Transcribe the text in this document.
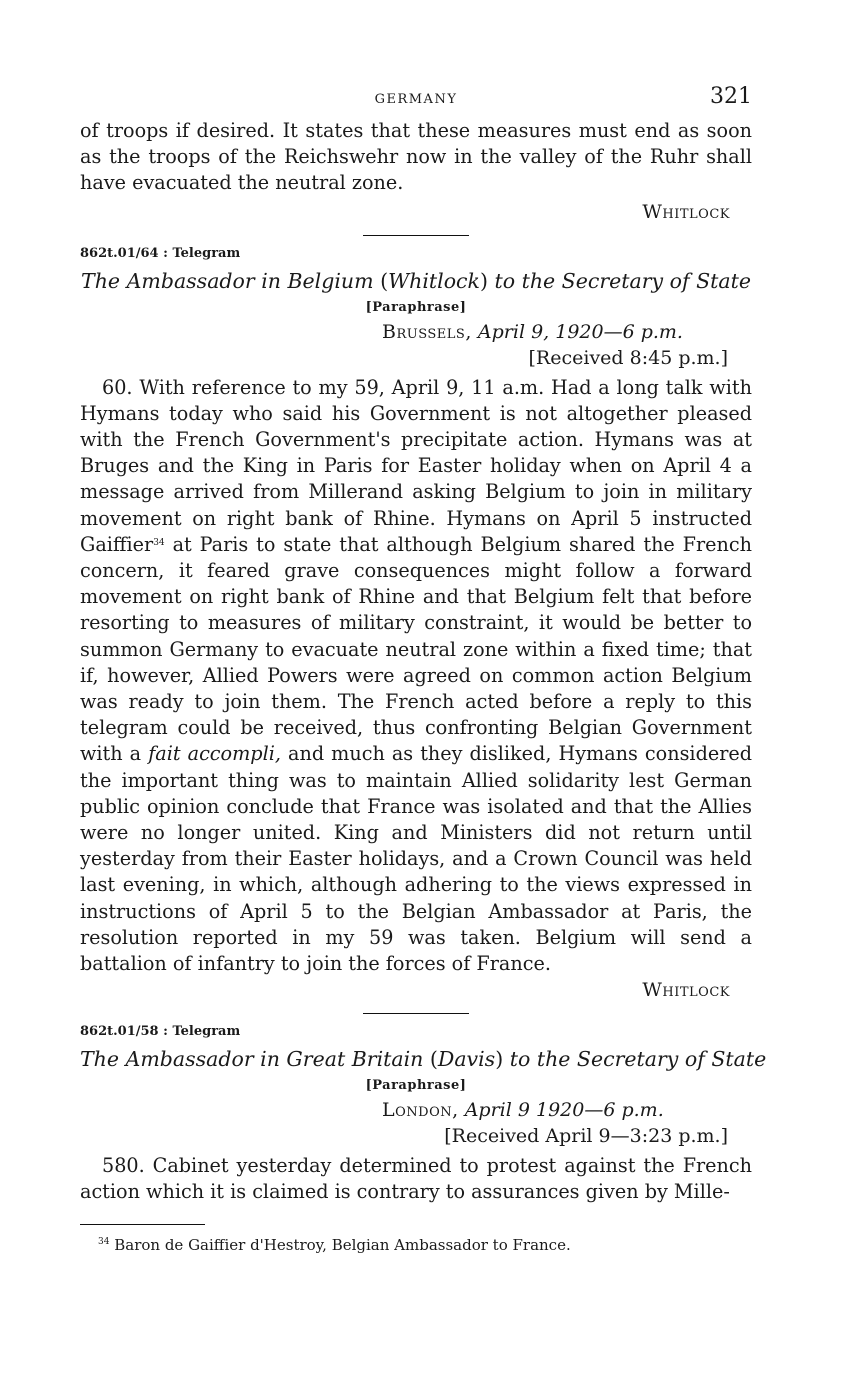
GERMANY	321

of troops if desired. It states that these measures must end as soon as the troops of the Reichswehr now in the valley of the Ruhr shall have evacuated the neutral zone.

Whitlock
862t.01/64 : Telegram
The Ambassador in Belgium (Whitlock) to the Secretary of State
[Paraphrase]
Brussels, April 9, 1920—6 p.m.
[Received 8:45 p.m.]

60. With reference to my 59, April 9, 11 a.m. Had a long talk with Hymans today who said his Government is not altogether pleased with the French Government's precipitate action. Hymans was at Bruges and the King in Paris for Easter holiday when on April 4 a message arrived from Millerand asking Belgium to join in military movement on right bank of Rhine. Hymans on April 5 instructed Gaiffier$^{34}$ at Paris to state that although Belgium shared the French concern, it feared grave consequences might follow a forward movement on right bank of Rhine and that Belgium felt that before resorting to measures of military constraint, it would be better to summon Germany to evacuate neutral zone within a fixed time; that if, however, Allied Powers were agreed on common action Belgium was ready to join them. The French acted before a reply to this telegram could be received, thus confronting Belgian Government with a fait accompli, and much as they disliked, Hymans considered the important thing was to maintain Allied solidarity lest German public opinion conclude that France was isolated and that the Allies were no longer united. King and Ministers did not return until yesterday from their Easter holidays, and a Crown Council was held last evening, in which, although adhering to the views expressed in instructions of April 5 to the Belgian Ambassador at Paris, the resolution reported in my 59 was taken. Belgium will send a battalion of infantry to join the forces of France.

Whitlock
862t.01/58 : Telegram
The Ambassador in Great Britain (Davis) to the Secretary of State
[Paraphrase]
London, April 9 1920—6 p.m.
[Received April 9—3:23 p.m.]

580. Cabinet yesterday determined to protest against the French action which it is claimed is contrary to assurances given by Mille-

$^{34}$ Baron de Gaiffier d'Hestroy, Belgian Ambassador to France.
